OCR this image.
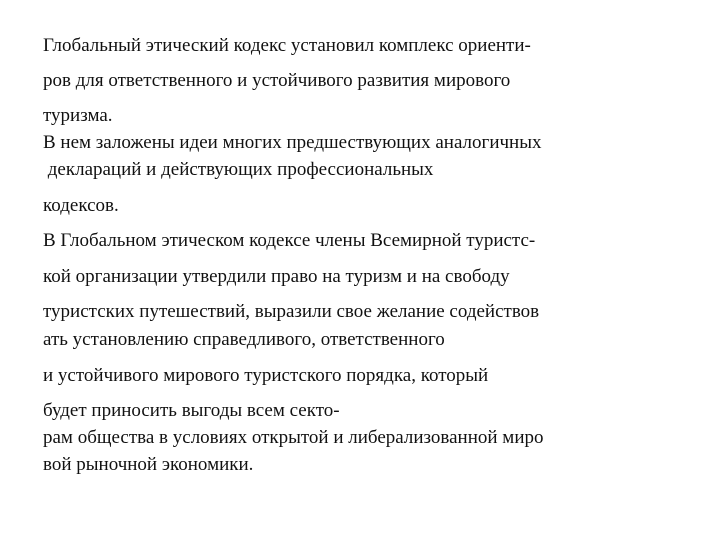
Глобальный этический кодекс установил комплекс ориенти-
ров для ответственного и устойчивого развития мирового
туризма.
В нем заложены идеи многих предшествующих аналогичных
деклараций и действующих профессиональных
кодексов.
В Глобальном этическом кодексе члены Всемирной туристс-
кой организации утвердили право на туризм и на свободу
туристских путешествий, выразили свое желание содействов
ать установлению справедливого, ответственного
и устойчивого мирового туристского порядка, который
будет приносить выгоды всем секто-
рам общества в условиях открытой и либерализованной миро
вой рыночной экономики.
